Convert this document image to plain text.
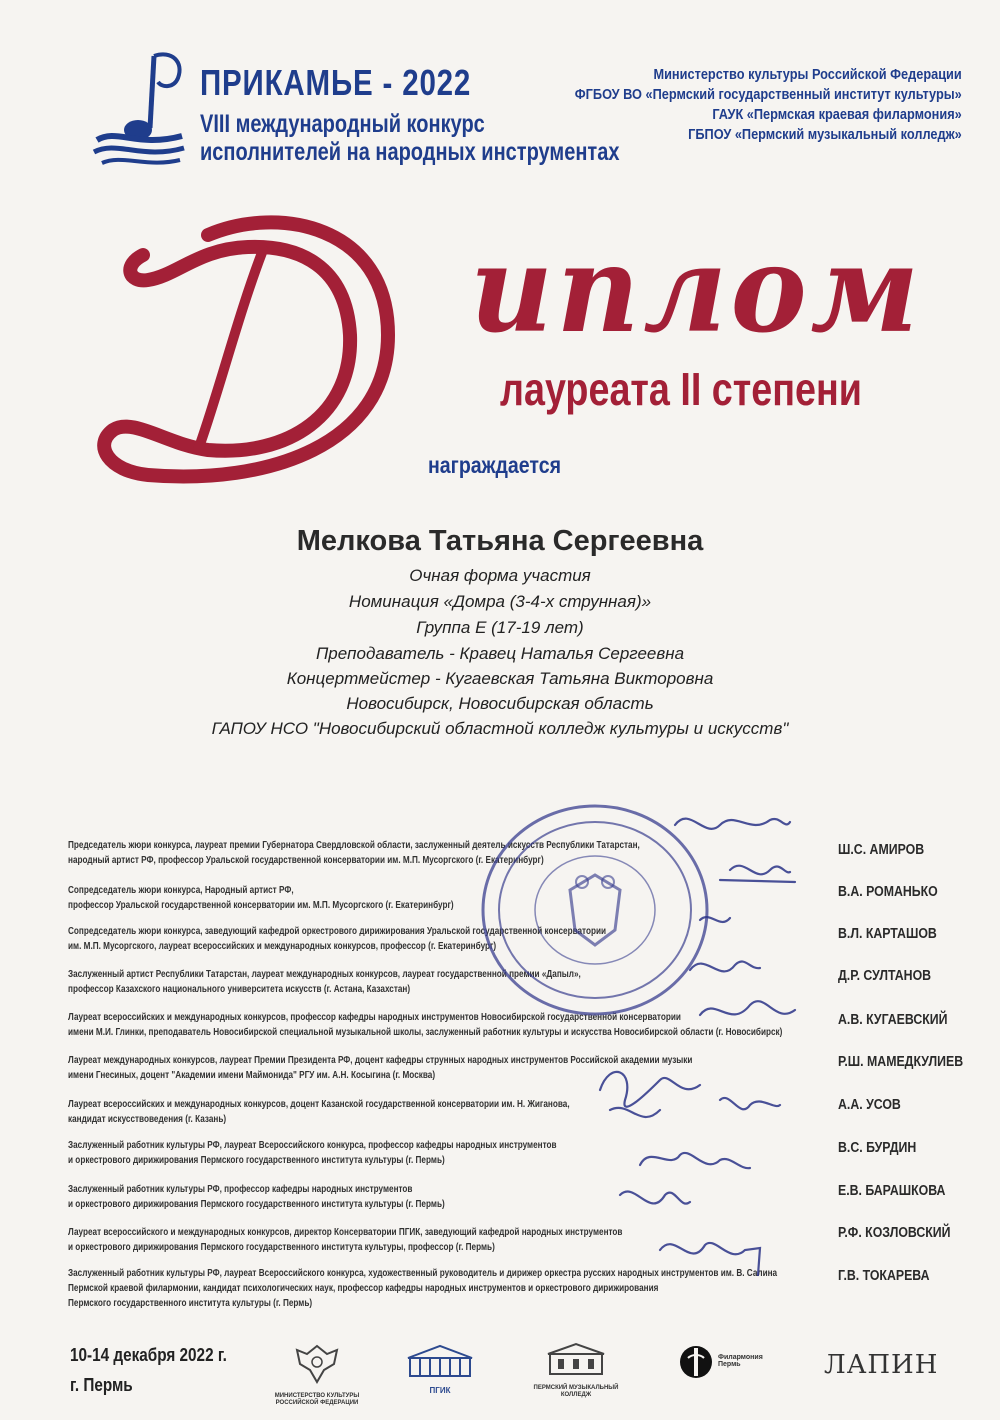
ПРИКАМЬЕ - 2022
VIII международный конкурс
исполнителей на народных инструментах
Министерство культуры Российской Федерации
ФГБОУ ВО «Пермский государственный институт культуры»
ГАУК «Пермская краевая филармония»
ГБПОУ «Пермский музыкальный колледж»
Д
иплом
лауреата II степени
награждается
Мелкова Татьяна Сергеевна
Очная форма участия
Номинация «Домра (3-4-х струнная)»
Группа Е (17-19 лет)
Преподаватель - Кравец Наталья Сергеевна
Концертмейстер - Кугаевская Татьяна Викторовна
Новосибирск, Новосибирская область
ГАПОУ НСО "Новосибирский областной колледж культуры и искусств"
Председатель жюри конкурса, лауреат премии Губернатора Свердловской области, заслуженный деятель искусств Республики Татарстан,
народный артист РФ, профессор Уральской государственной консерватории им. М.П. Мусоргского (г. Екатеринбург)
Ш.С. АМИРОВ
Сопредседатель жюри конкурса, Народный артист РФ,
профессор Уральской государственной консерватории им. М.П. Мусоргского (г. Екатеринбург)
В.А. РОМАНЬКО
Сопредседатель жюри конкурса, заведующий кафедрой оркестрового дирижирования Уральской государственной консерватории
им. М.П. Мусоргского, лауреат всероссийских и международных конкурсов, профессор (г. Екатеринбург)
В.Л. КАРТАШОВ
Заслуженный артист Республики Татарстан, лауреат международных конкурсов, лауреат государственной премии «Дапыл»,
профессор Казахского национального университета искусств (г. Астана, Казахстан)
Д.Р. СУЛТАНОВ
Лауреат всероссийских и международных конкурсов, профессор кафедры народных инструментов Новосибирской государственной консерватории
имени М.И. Глинки, преподаватель Новосибирской специальной музыкальной школы, заслуженный работник культуры и искусства Новосибирской области (г. Новосибирск)
А.В. КУГАЕВСКИЙ
Лауреат международных конкурсов, лауреат Премии Президента РФ, доцент кафедры струнных народных инструментов Российской академии музыки
имени Гнесиных, доцент "Академии имени Маймонида" РГУ им. А.Н. Косыгина (г. Москва)
Р.Ш. МАМЕДКУЛИЕВ
Лауреат всероссийских и международных конкурсов, доцент Казанской государственной консерватории им. Н. Жиганова,
кандидат искусствоведения (г. Казань)
А.А. УСОВ
Заслуженный работник культуры РФ, лауреат Всероссийского конкурса, профессор кафедры народных инструментов
и оркестрового дирижирования Пермского государственного института культуры (г. Пермь)
В.С. БУРДИН
Заслуженный работник культуры РФ, профессор кафедры народных инструментов
и оркестрового дирижирования Пермского государственного института культуры (г. Пермь)
Е.В. БАРАШКОВА
Лауреат всероссийского и международных конкурсов, директор Консерватории ПГИК, заведующий кафедрой народных инструментов
и оркестрового дирижирования Пермского государственного института культуры, профессор (г. Пермь)
Р.Ф. КОЗЛОВСКИЙ
Заслуженный работник культуры РФ, лауреат Всероссийского конкурса, художественный руководитель и дирижер оркестра русских народных инструментов им. В. Салина
Пермской краевой филармонии, кандидат психологических наук, профессор кафедры народных инструментов и оркестрового дирижирования
Пермского государственного института культуры (г. Пермь)
Г.В. ТОКАРЕВА
10-14 декабря 2022 г.
г. Пермь
МИНИСТЕРСТВО КУЛЬТУРЫ РОССИЙСКОЙ ФЕДЕРАЦИИ
ПГИК	ПЕРМСКИЙ МУЗЫКАЛЬНЫЙ КОЛЛЕДЖ
Филармония Пермь	ЛАПИН
